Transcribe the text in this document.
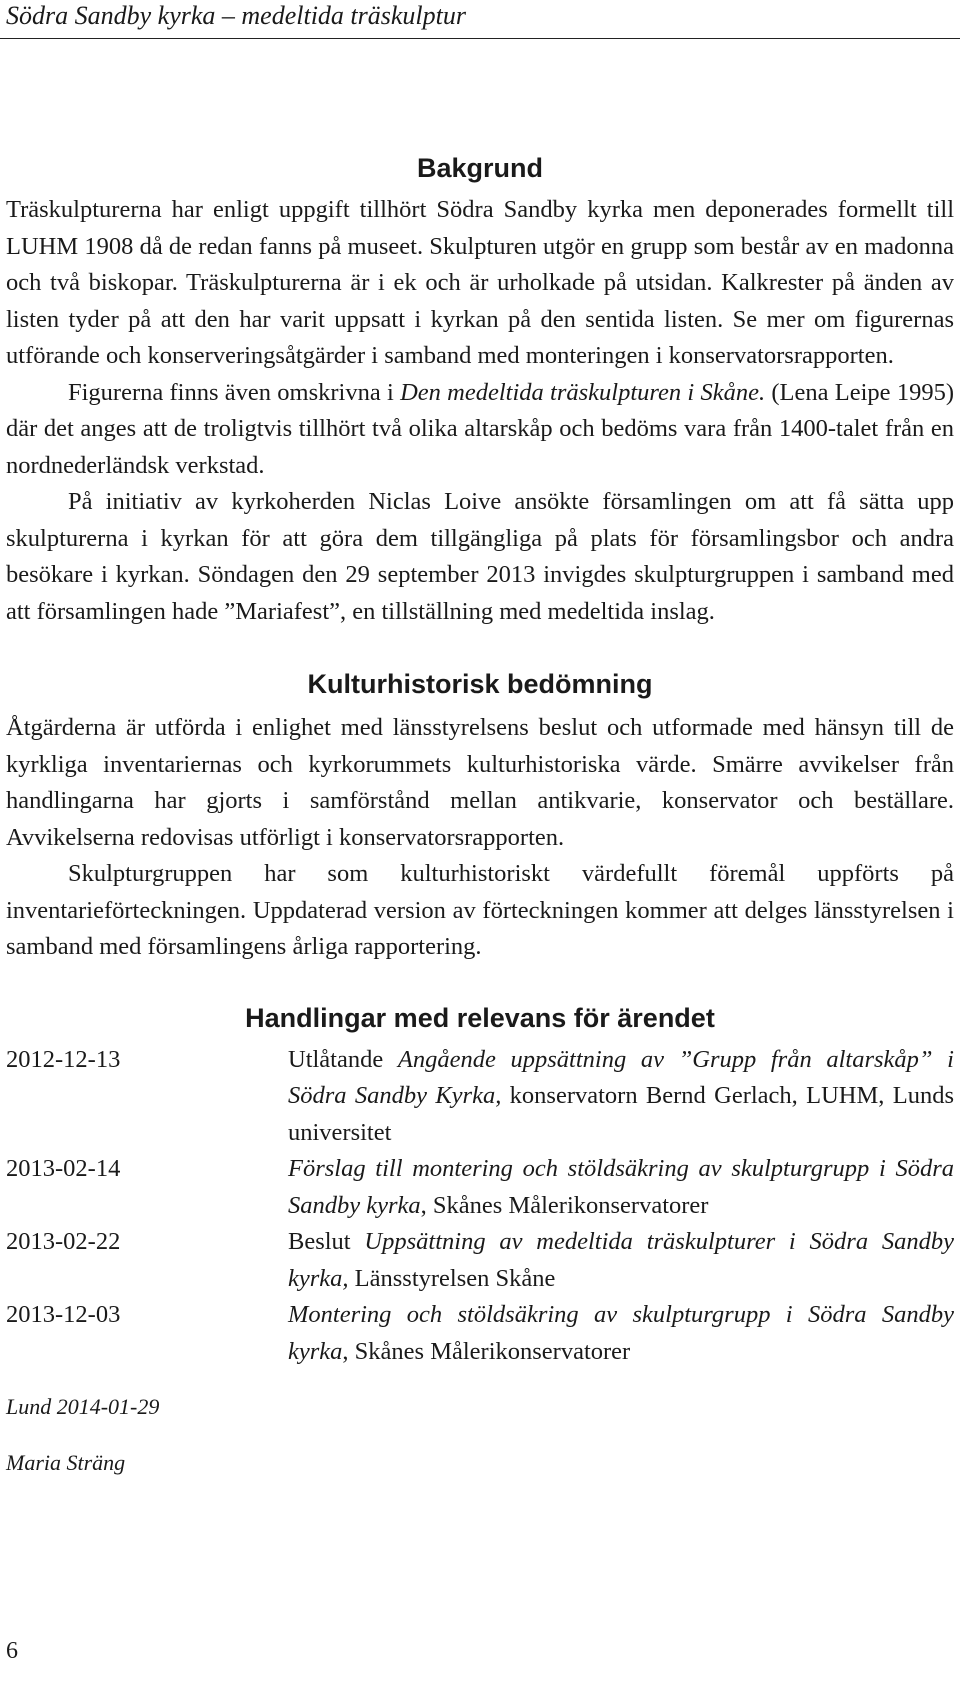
Södra Sandby kyrka – medeltida träskulptur
Bakgrund

Träskulpturerna har enligt uppgift tillhört Södra Sandby kyrka men deponerades formellt till LUHM 1908 då de redan fanns på museet. Skulpturen utgör en grupp som består av en madonna och två biskopar. Träskulpturerna är i ek och är urholkade på utsidan. Kalkrester på änden av listen tyder på att den har varit uppsatt i kyrkan på den sentida listen. Se mer om figurernas utförande och konserveringsåtgärder i samband med monteringen i konservatorsrapporten.

Figurerna finns även omskrivna i Den medeltida träskulpturen i Skåne. (Lena Leipe 1995) där det anges att de troligtvis tillhört två olika altarskåp och bedöms vara från 1400-talet från en nordnederländsk verkstad.

På initiativ av kyrkoherden Niclas Loive ansökte församlingen om att få sätta upp skulpturerna i kyrkan för att göra dem tillgängliga på plats för församlingsbor och andra besökare i kyrkan. Söndagen den 29 september 2013 invigdes skulpturgruppen i samband med att församlingen hade ”Mariafest”, en tillställning med medeltida inslag.

Kulturhistorisk bedömning

Åtgärderna är utförda i enlighet med länsstyrelsens beslut och utformade med hänsyn till de kyrkliga inventariernas och kyrkorummets kulturhistoriska värde. Smärre avvikelser från handlingarna har gjorts i samförstånd mellan antikvarie, konservator och beställare. Avvikelserna redovisas utförligt i konservatorsrapporten.

Skulpturgruppen har som kulturhistoriskt värdefullt föremål uppförts på inventarieförteckningen. Uppdaterad version av förteckningen kommer att delges länsstyrelsen i samband med församlingens årliga rapportering.

Handlingar med relevans för ärendet
2012-12-13	Utlåtande Angående uppsättning av ”Grupp från altarskåp” i Södra Sandby Kyrka, konservatorn Bernd Gerlach, LUHM, Lunds universitet
2013-02-14	Förslag till montering och stöldsäkring av skulpturgrupp i Södra Sandby kyrka, Skånes Målerikonservatorer
2013-02-22	Beslut Uppsättning av medeltida träskulpturer i Södra Sandby kyrka, Länsstyrelsen Skåne
2013-12-03	Montering och stöldsäkring av skulpturgrupp i Södra Sandby kyrka, Skånes Målerikonservatorer
Lund 2014-01-29
Maria Sträng
6
